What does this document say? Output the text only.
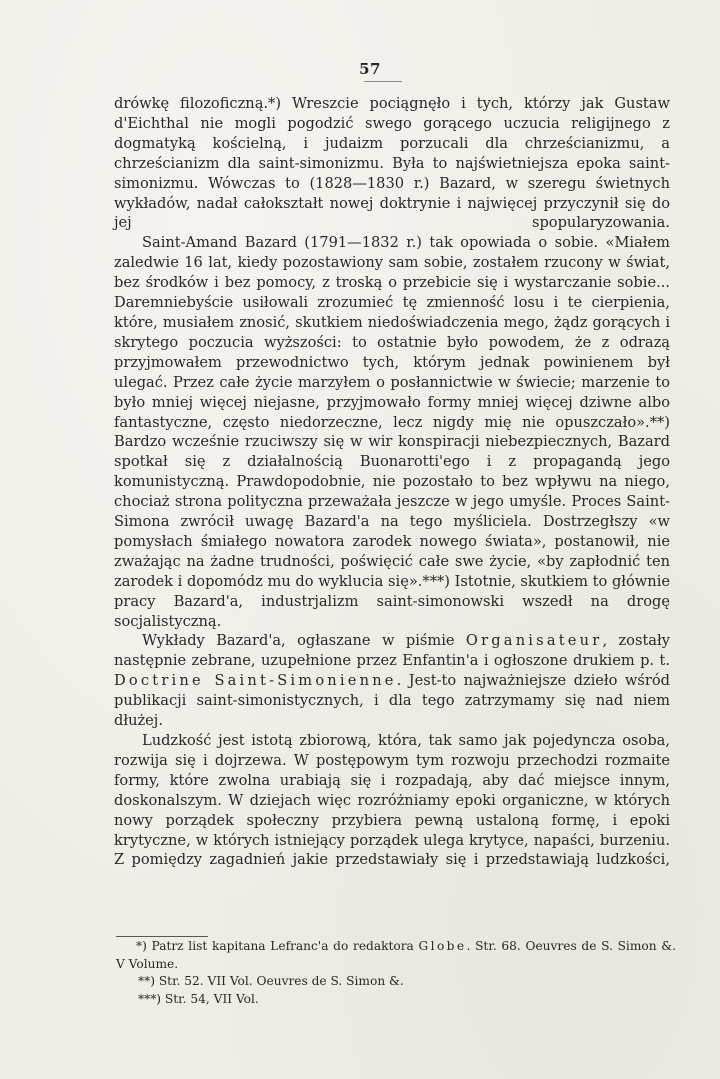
57

drówkę filozoficzną.*) Wreszcie pociągnęło i tych, którzy jak Gustaw d'Eichthal nie mogli pogodzić swego gorącego uczucia religijnego z dogmatyką kościelną, i judaizm porzucali dla chrześcianizmu, a chrześcianizm dla saint-simonizmu. Była to najświetniejsza epoka saint-simonizmu. Wówczas to (1828—1830 r.) Bazard, w szeregu świetnych wykładów, nadał całokształt nowej doktrynie i najwięcej przyczynił się do jej spopularyzowania.

Saint-Amand Bazard (1791—1832 r.) tak opowiada o sobie. «Miałem zaledwie 16 lat, kiedy pozostawiony sam sobie, zostałem rzucony w świat, bez środków i bez pomocy, z troską o przebicie się i wystarczanie sobie... Daremniebyście usiłowali zrozumieć tę zmienność losu i te cierpienia, które, musiałem znosić, skutkiem niedoświadczenia mego, żądz gorących i skrytego poczucia wyższości: to ostatnie było powodem, że z odrazą przyjmowałem przewodnictwo tych, którym jednak powinienem był ulegać. Przez całe życie marzyłem o posłannictwie w świecie; marzenie to było mniej więcej niejasne, przyjmowało formy mniej więcej dziwne albo fantastyczne, często niedorzeczne, lecz nigdy mię nie opuszczało».**) Bardzo wcześnie rzuciwszy się w wir konspiracji niebezpiecznych, Bazard spotkał się z działalnością Buonarotti'ego i z propagandą jego komunistyczną. Prawdopodobnie, nie pozostało to bez wpływu na niego, chociaż strona polityczna przeważała jeszcze w jego umyśle. Proces Saint-Simona zwrócił uwagę Bazard'a na tego myśliciela. Dostrzegłszy «w pomysłach śmiałego nowatora zarodek nowego świata», postanowił, nie zważając na żadne trudności, poświęcić całe swe życie, «by zapłodnić ten zarodek i dopomódz mu do wyklucia się».***) Istotnie, skutkiem to głównie pracy Bazard'a, industrjalizm saint-simonowski wszedł na drogę socjalistyczną.

Wykłady Bazard'a, ogłaszane w piśmie Organisateur, zostały następnie zebrane, uzupełnione przez Enfantin'a i ogłoszone drukiem p. t. Doctrine Saint-Simonienne. Jest-to najważniejsze dzieło wśród publikacji saint-simonistycznych, i dla tego zatrzymamy się nad niem dłużej.

Ludzkość jest istotą zbiorową, która, tak samo jak pojedyncza osoba, rozwija się i dojrzewa. W postępowym tym rozwoju przechodzi rozmaite formy, które zwolna urabiają się i rozpadają, aby dać miejsce innym, doskonalszym. W dziejach więc rozróżniamy epoki organiczne, w których nowy porządek społeczny przybiera pewną ustaloną formę, i epoki krytyczne, w których istniejący porządek ulega krytyce, napaści, burzeniu. Z pomiędzy zagadnień jakie przedstawiały się i przedstawiają ludzkości,

*) Patrz list kapitana Lefranc'a do redaktora Globe. Str. 68. Oeuvres de S. Simon &. V Volume.

**) Str. 52. VII Vol. Oeuvres de S. Simon &.

***) Str. 54, VII Vol.
